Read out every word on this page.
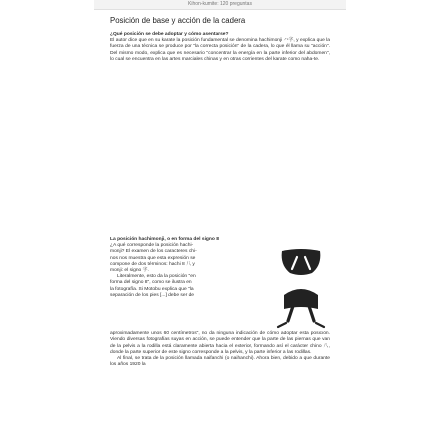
Kihon-kumite: 120 preguntas
Posición de base y acción de la cadera

¿Qué posición se debe adoptar y cómo asentarse?
El autor dice que en su karate la posición fundamental se denomina hachimonji ハ字, y explica que la fuerza de una técnica se produce por "la correcta posición" de la cadera, lo que él llama su "acción". Del mismo modo, explica que es necesario "concentrar la energía en la parte inferior del abdomen", lo cual se encuentra en las artes marciales chinas y en otras corrientes del karate como naha-te.

La posición hachimonji, o en forma del signo 8

¿A qué corresponde la posición hachi-

monji? El examen de los caracteres chi-

nos nos muestra que esta expresión se

compone de dos términos: hachi 8 八 y

monji: el signo 字.

Literalmente, esto da la posición "en

forma del signo 8", como se ilustra en

la fotografía. Si Motobu explica que "la

separación de los pies [...] debe ser de

aproximadamente unos 60 centímetros", no da ninguna indicación de cómo adoptar esta posición. Viendo diversas fotografías suyas en acción, se puede entender que la parte de las piernas que van de la pelvis a la rodilla está claramente abierta hacia el exterior, formando así el carácter chino 八, donde la parte superior de este signo corresponde a la pelvis, y la parte inferior a las rodillas.

Al final, se trata de la posición llamada naifanchi (o naihanchi). Ahora bien, debido a que durante los años 1920 la
